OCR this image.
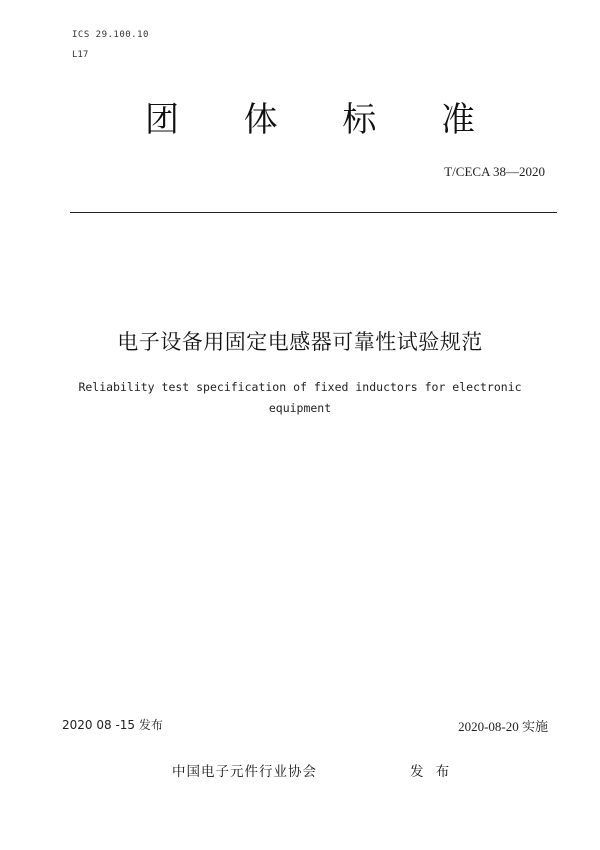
ICS 29.100.10
L17
团 体 标 准
T/CECA 38—2020
电子设备用固定电感器可靠性试验规范
Reliability test specification of fixed inductors for electronic
equipment
2020 08 -15 发布	2020-08-20 实施
中国电子元件行业协会	发 布
